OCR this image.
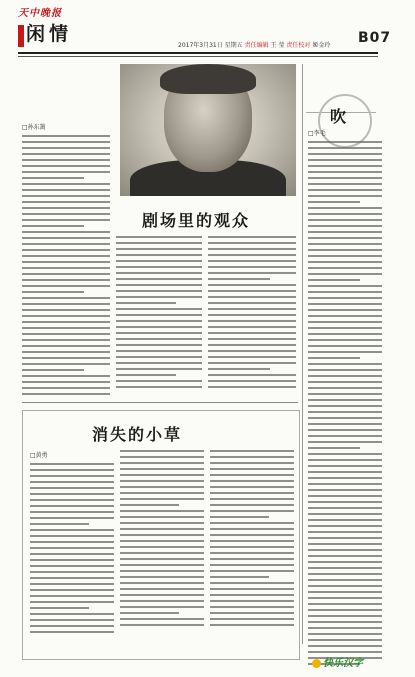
天中晚报
闲情
2017年3月31日 星期五 责任编辑 王 莹 责任校对 姬金玲 B07
□孙东篱
剧场里的观众
吹
□李毛
消失的小草
□黄勇
快乐汉字
